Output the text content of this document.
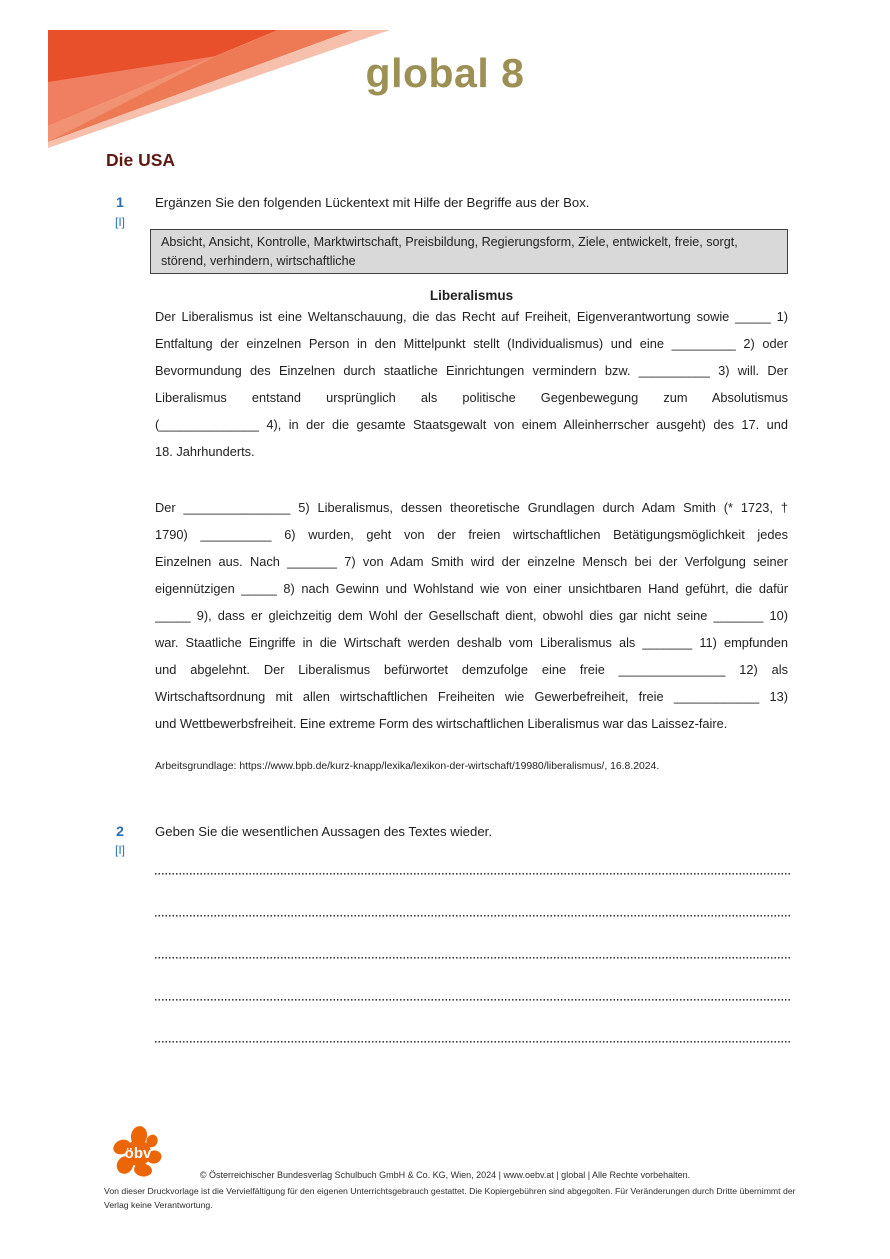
global 8
Die USA
1
[I]
Ergänzen Sie den folgenden Lückentext mit Hilfe der Begriffe aus der Box.
Absicht, Ansicht, Kontrolle, Marktwirtschaft, Preisbildung, Regierungsform, Ziele, entwickelt, freie, sorgt, störend, verhindern, wirtschaftliche
Liberalismus
Der Liberalismus ist eine Weltanschauung, die das Recht auf Freiheit, Eigenverantwortung sowie _____ 1)
Entfaltung der einzelnen Person in den Mittelpunkt stellt (Individualismus) und eine _________ 2) oder
Bevormundung des Einzelnen durch staatliche Einrichtungen vermindern bzw. __________ 3) will. Der
Liberalismus entstand ursprünglich als politische Gegenbewegung zum Absolutismus
(______________ 4), in der die gesamte Staatsgewalt von einem Alleinherrscher ausgeht) des 17. und
18. Jahrhunderts.
Der _______________ 5) Liberalismus, dessen theoretische Grundlagen durch Adam Smith (* 1723, †
1790) __________ 6) wurden, geht von der freien wirtschaftlichen Betätigungsmöglichkeit jedes
Einzelnen aus. Nach _______ 7) von Adam Smith wird der einzelne Mensch bei der Verfolgung seiner
eigennützigen _____ 8) nach Gewinn und Wohlstand wie von einer unsichtbaren Hand geführt, die dafür
_____ 9), dass er gleichzeitig dem Wohl der Gesellschaft dient, obwohl dies gar nicht seine _______ 10)
war. Staatliche Eingriffe in die Wirtschaft werden deshalb vom Liberalismus als _______ 11) empfunden
und abgelehnt. Der Liberalismus befürwortet demzufolge eine freie _______________ 12) als
Wirtschaftsordnung mit allen wirtschaftlichen Freiheiten wie Gewerbefreiheit, freie ____________ 13)
und Wettbewerbsfreiheit. Eine extreme Form des wirtschaftlichen Liberalismus war das Laissez-faire.
Arbeitsgrundlage: https://www.bpb.de/kurz-knapp/lexika/lexikon-der-wirtschaft/19980/liberalismus/, 16.8.2024.
2
[I]
Geben Sie die wesentlichen Aussagen des Textes wieder.
öbv
© Österreichischer Bundesverlag Schulbuch GmbH & Co. KG, Wien, 2024 | www.oebv.at | global | Alle Rechte vorbehalten.
Von dieser Druckvorlage ist die Vervielfältigung für den eigenen Unterrichtsgebrauch gestattet. Die Kopiergebühren sind abgegolten. Für Veränderungen durch Dritte übernimmt der Verlag keine Verantwortung.
